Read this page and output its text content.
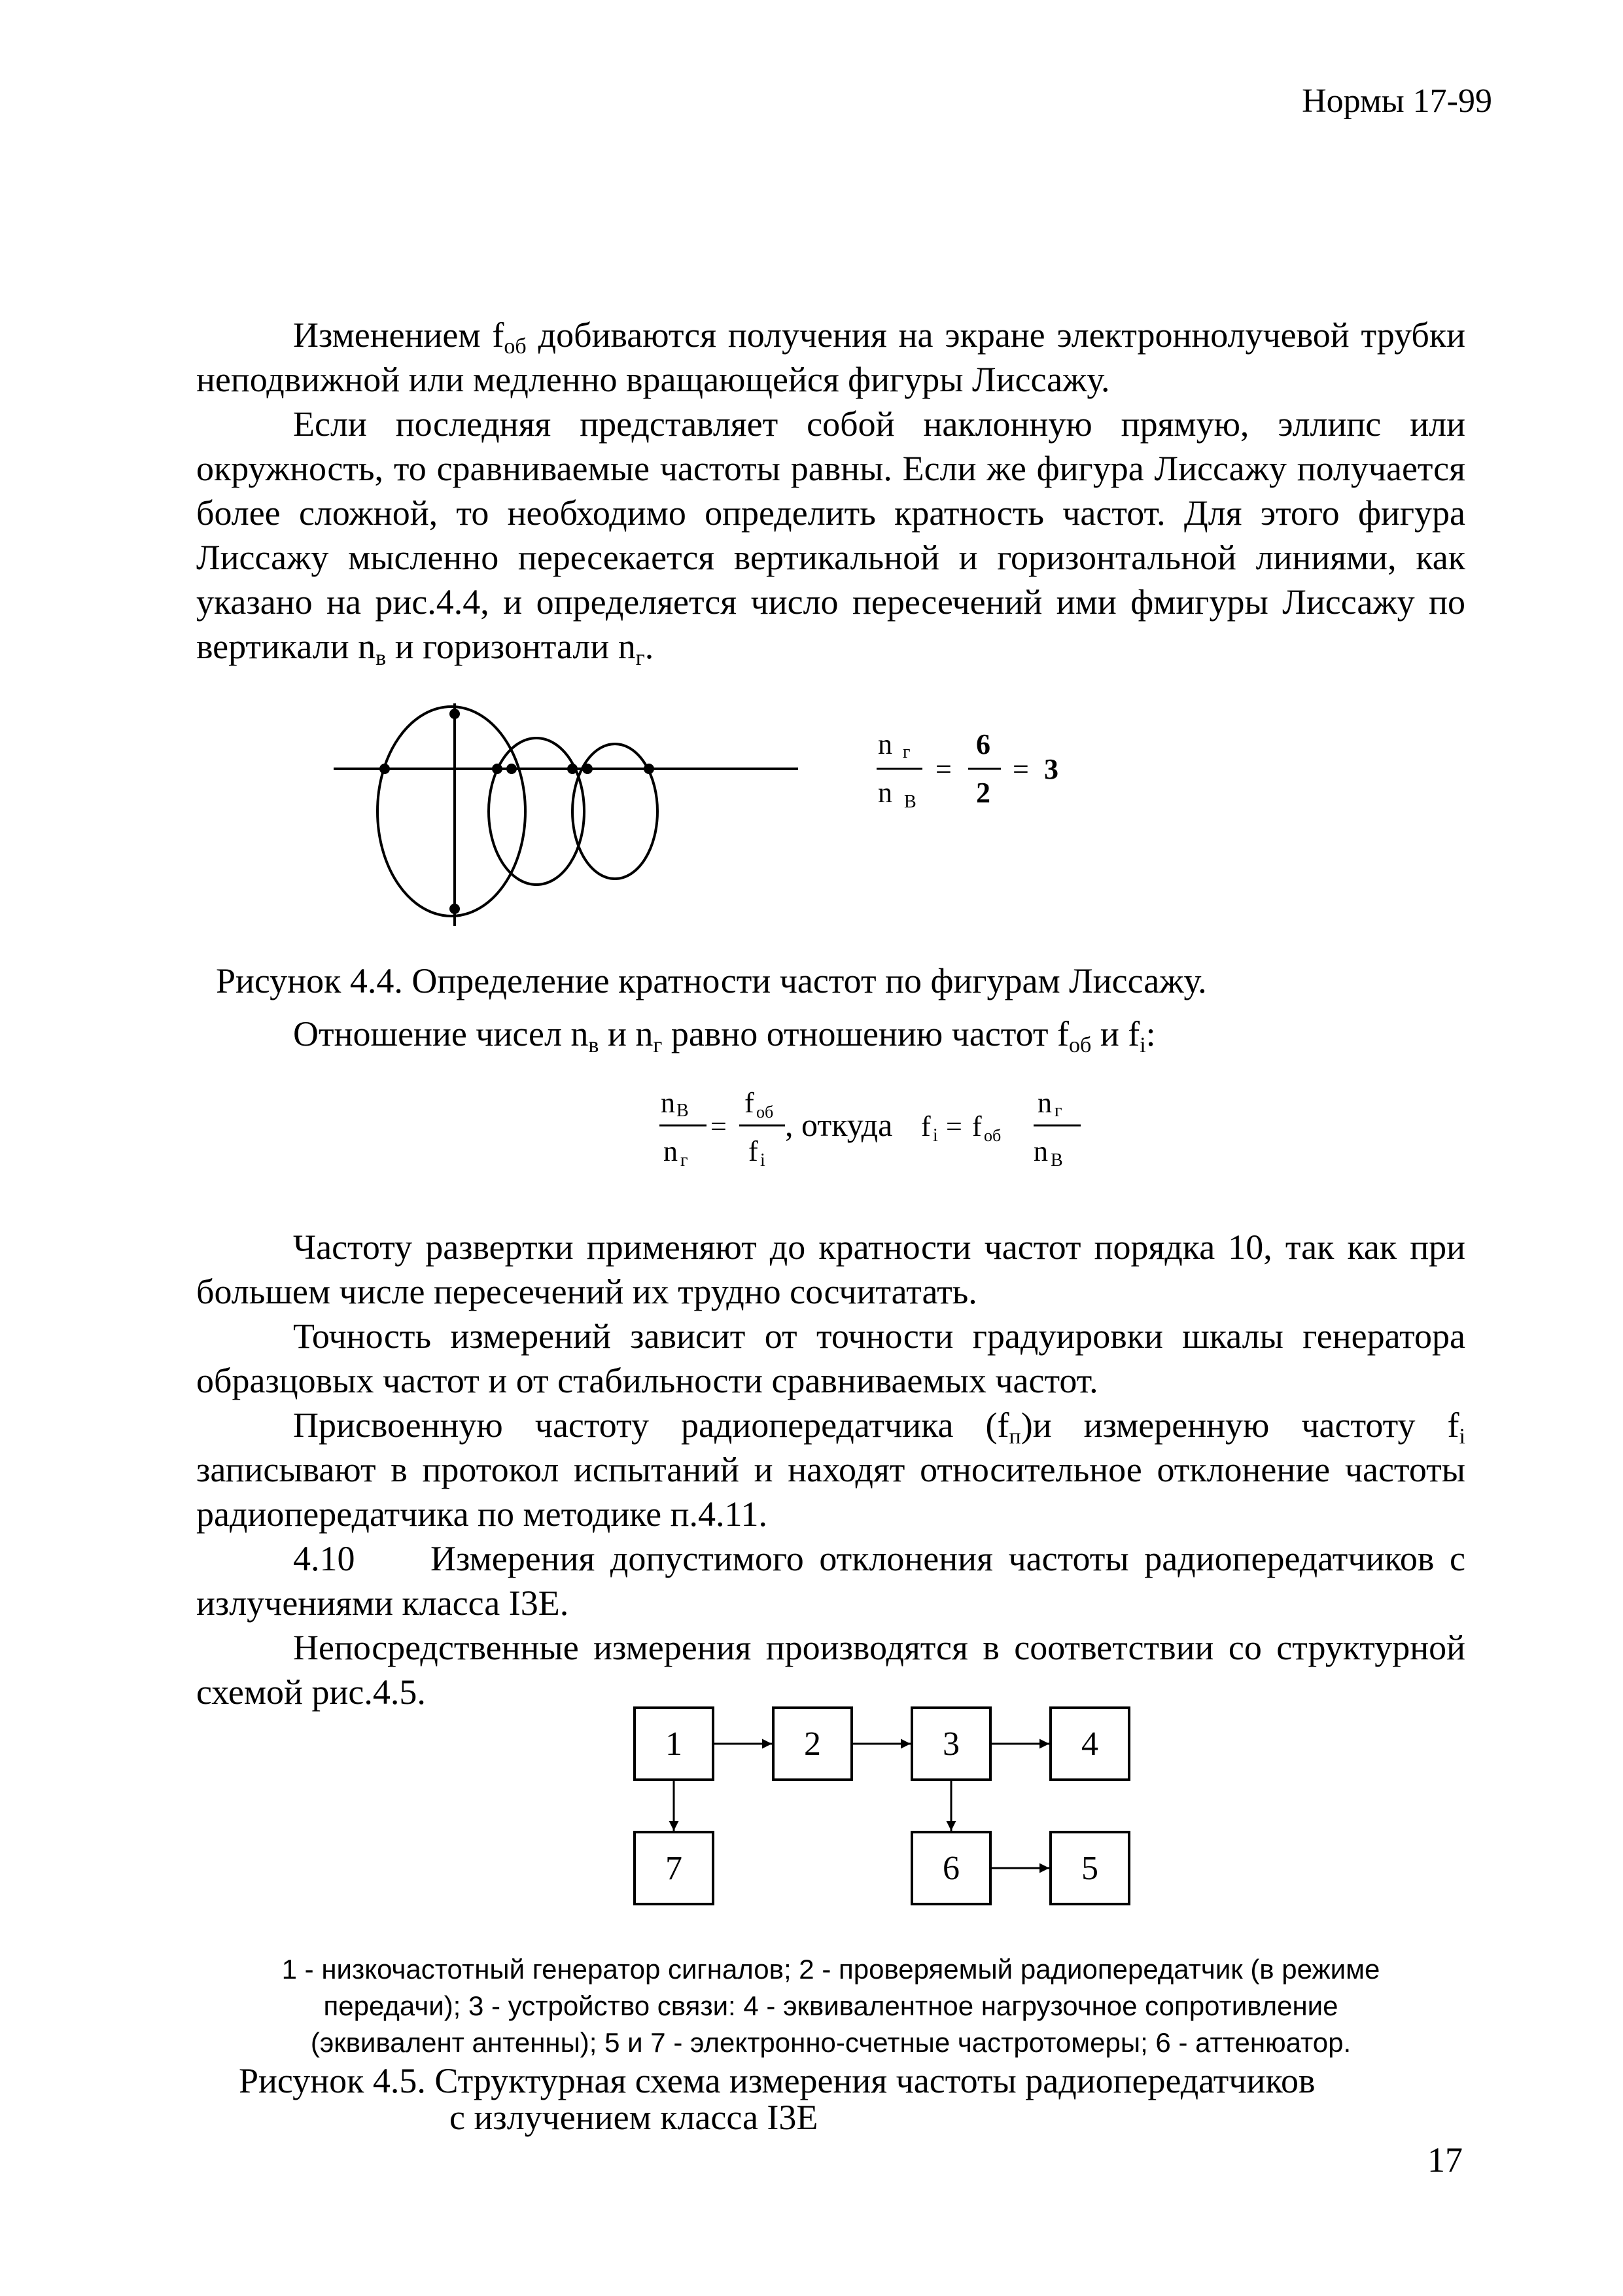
Нормы 17-99

Изменением $f_{об}$ добиваются получения на экране электроннолучевой трубки неподвижной или медленно вращающейся фигуры Лиссажу.

Если последняя представляет собой наклонную прямую, эллипс или окружность, то сравниваемые частоты равны. Если же фигура Лиссажу получается более сложной, то необходимо определить кратность частот. Для этого фигура Лиссажу мысленно пересекается вертикальной и горизонтальной линиями, как указано на рис.4.4, и определяется число пересечений ими фмигуры Лиссажу по вертикали $n_в$ и горизонтали $n_г$.

n г
n В
=
6
2
= 3
Рисунок 4.4. Определение кратности частот по фигурам Лиссажу.

Отношение чисел $n_в$ и $n_г$ равно отношению частот $f_{об}$ и $f_i$:

n В
n г
=
f об
f i
, откуда f i = f об
n г
n В

Частоту развертки применяют до кратности частот порядка 10, так как при большем числе пересечений их трудно сосчитатать.

Точность измерений зависит от точности градуировки шкалы генератора образцовых частот и от стабильности сравниваемых частот.

Присвоенную частоту радиопередатчика $(f_п)и$ измеренную частоту $f_i$ записывают в протокол испытаний и находят относительное отклонение частоты радиопередатчика по методике п.4.11.

4.10 Измерения допустимого отклонения частоты радиопередатчиков с излучениями класса I3E.

Непосредственные измерения производятся в соответствии со структурной схемой рис.4.5.

1	2	3	4
7	6	5

1 - низкочастотный генератор сигналов; 2 - проверяемый радиопередатчик (в режиме

передачи); 3 - устройство связи: 4 - эквивалентное нагрузочное сопротивление

(эквивалент антенны); 5 и 7 - электронно-счетные частротомеры; 6 - аттенюатор.

Рисунок 4.5. Структурная схема измерения частоты радиопередатчиков
с излучением класса I3E
17
